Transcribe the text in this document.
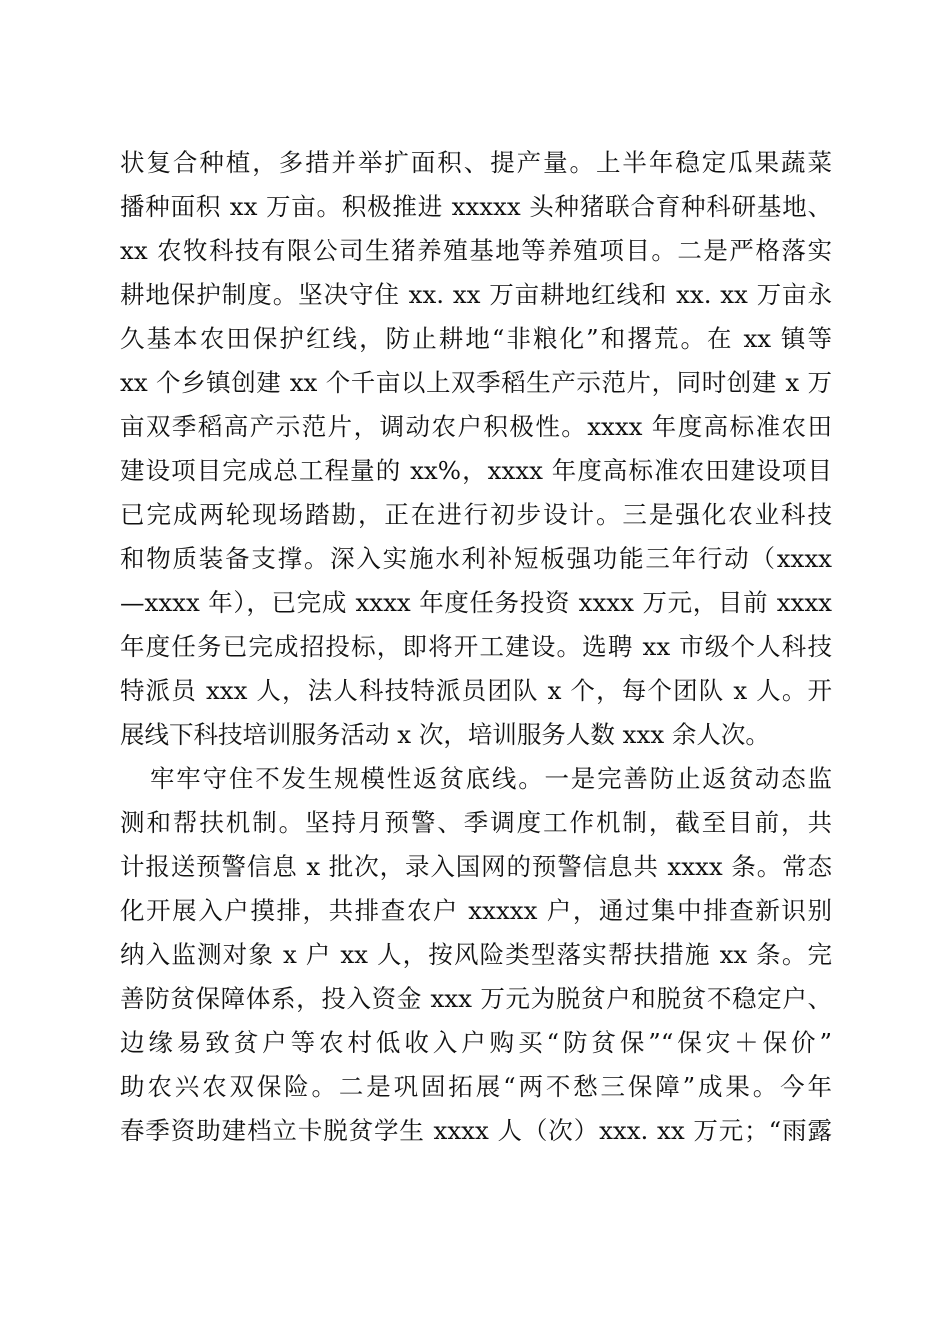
状复合种植，多措并举扩面积、提产量。上半年稳定瓜果蔬菜
播种面积 xx 万亩。积极推进 xxxxx 头种猪联合育种科研基地、
xx 农牧科技有限公司生猪养殖基地等养殖项目。二是严格落实
耕地保护制度。坚决守住 xx. xx 万亩耕地红线和 xx. xx 万亩永
久基本农田保护红线，防止耕地“非粮化”和撂荒。在 xx 镇等
xx 个乡镇创建 xx 个千亩以上双季稻生产示范片，同时创建 x 万
亩双季稻高产示范片，调动农户积极性。xxxx 年度高标准农田
建设项目完成总工程量的 xx%，xxxx 年度高标准农田建设项目
已完成两轮现场踏勘，正在进行初步设计。三是强化农业科技
和物质装备支撑。深入实施水利补短板强功能三年行动（xxxx
—xxxx 年），已完成 xxxx 年度任务投资 xxxx 万元，目前 xxxx
年度任务已完成招投标，即将开工建设。选聘 xx 市级个人科技
特派员 xxx 人，法人科技特派员团队 x 个，每个团队 x 人。开
展线下科技培训服务活动 x 次，培训服务人数 xxx 余人次。
牢牢守住不发生规模性返贫底线。一是完善防止返贫动态监
测和帮扶机制。坚持月预警、季调度工作机制，截至目前，共
计报送预警信息 x 批次，录入国网的预警信息共 xxxx 条。常态
化开展入户摸排，共排查农户 xxxxx 户，通过集中排查新识别
纳入监测对象 x 户 xx 人，按风险类型落实帮扶措施 xx 条。完
善防贫保障体系，投入资金 xxx 万元为脱贫户和脱贫不稳定户、
边缘易致贫户等农村低收入户购买“防贫保”“保灾＋保价”
助农兴农双保险。二是巩固拓展“两不愁三保障”成果。今年
春季资助建档立卡脱贫学生 xxxx 人（次）xxx. xx 万元；“雨露
